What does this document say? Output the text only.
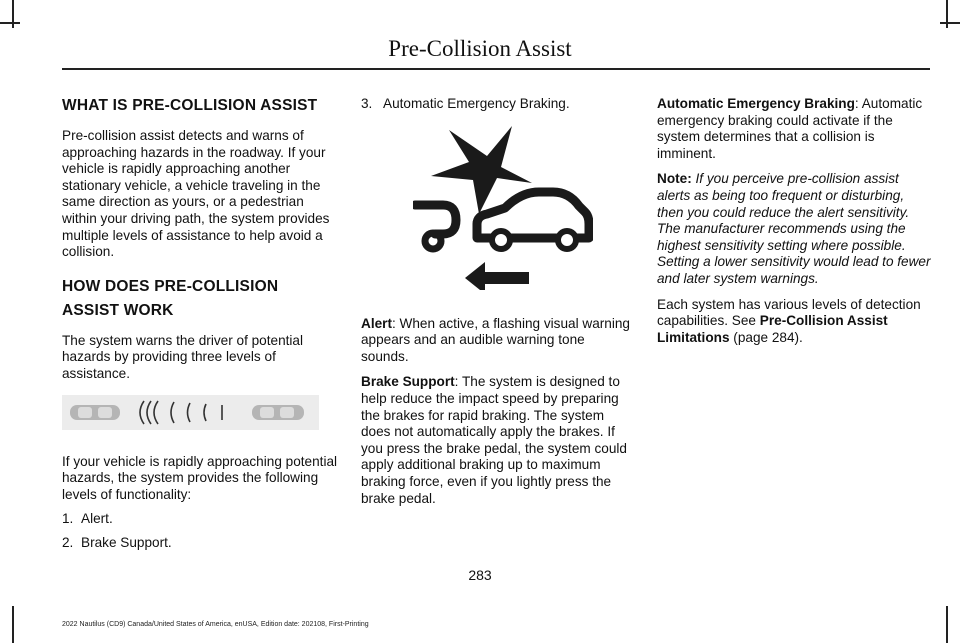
Pre-Collision Assist
WHAT IS PRE-COLLISION ASSIST

Pre-collision assist detects and warns of approaching hazards in the roadway. If your vehicle is rapidly approaching another stationary vehicle, a vehicle traveling in the same direction as yours, or a pedestrian within your driving path, the system provides multiple levels of assistance to help avoid a collision.

HOW DOES PRE-COLLISION
ASSIST WORK

The system warns the driver of potential hazards by providing three levels of assistance.

If your vehicle is rapidly approaching potential hazards, the system provides the following levels of functionality:

1. Alert.
2. Brake Support.
3. Automatic Emergency Braking.

Alert: When active, a flashing visual warning appears and an audible warning tone sounds.

Brake Support: The system is designed to help reduce the impact speed by preparing the brakes for rapid braking. The system does not automatically apply the brakes. If you press the brake pedal, the system could apply additional braking up to maximum braking force, even if you lightly press the brake pedal.

Automatic Emergency Braking: Automatic emergency braking could activate if the system determines that a collision is imminent.

Note: If you perceive pre-collision assist alerts as being too frequent or disturbing, then you could reduce the alert sensitivity. The manufacturer recommends using the highest sensitivity setting where possible. Setting a lower sensitivity would lead to fewer and later system warnings.

Each system has various levels of detection capabilities. See Pre-Collision Assist Limitations (page 284).

283
2022 Nautilus (CD9) Canada/United States of America, enUSA, Edition date: 202108, First-Printing
